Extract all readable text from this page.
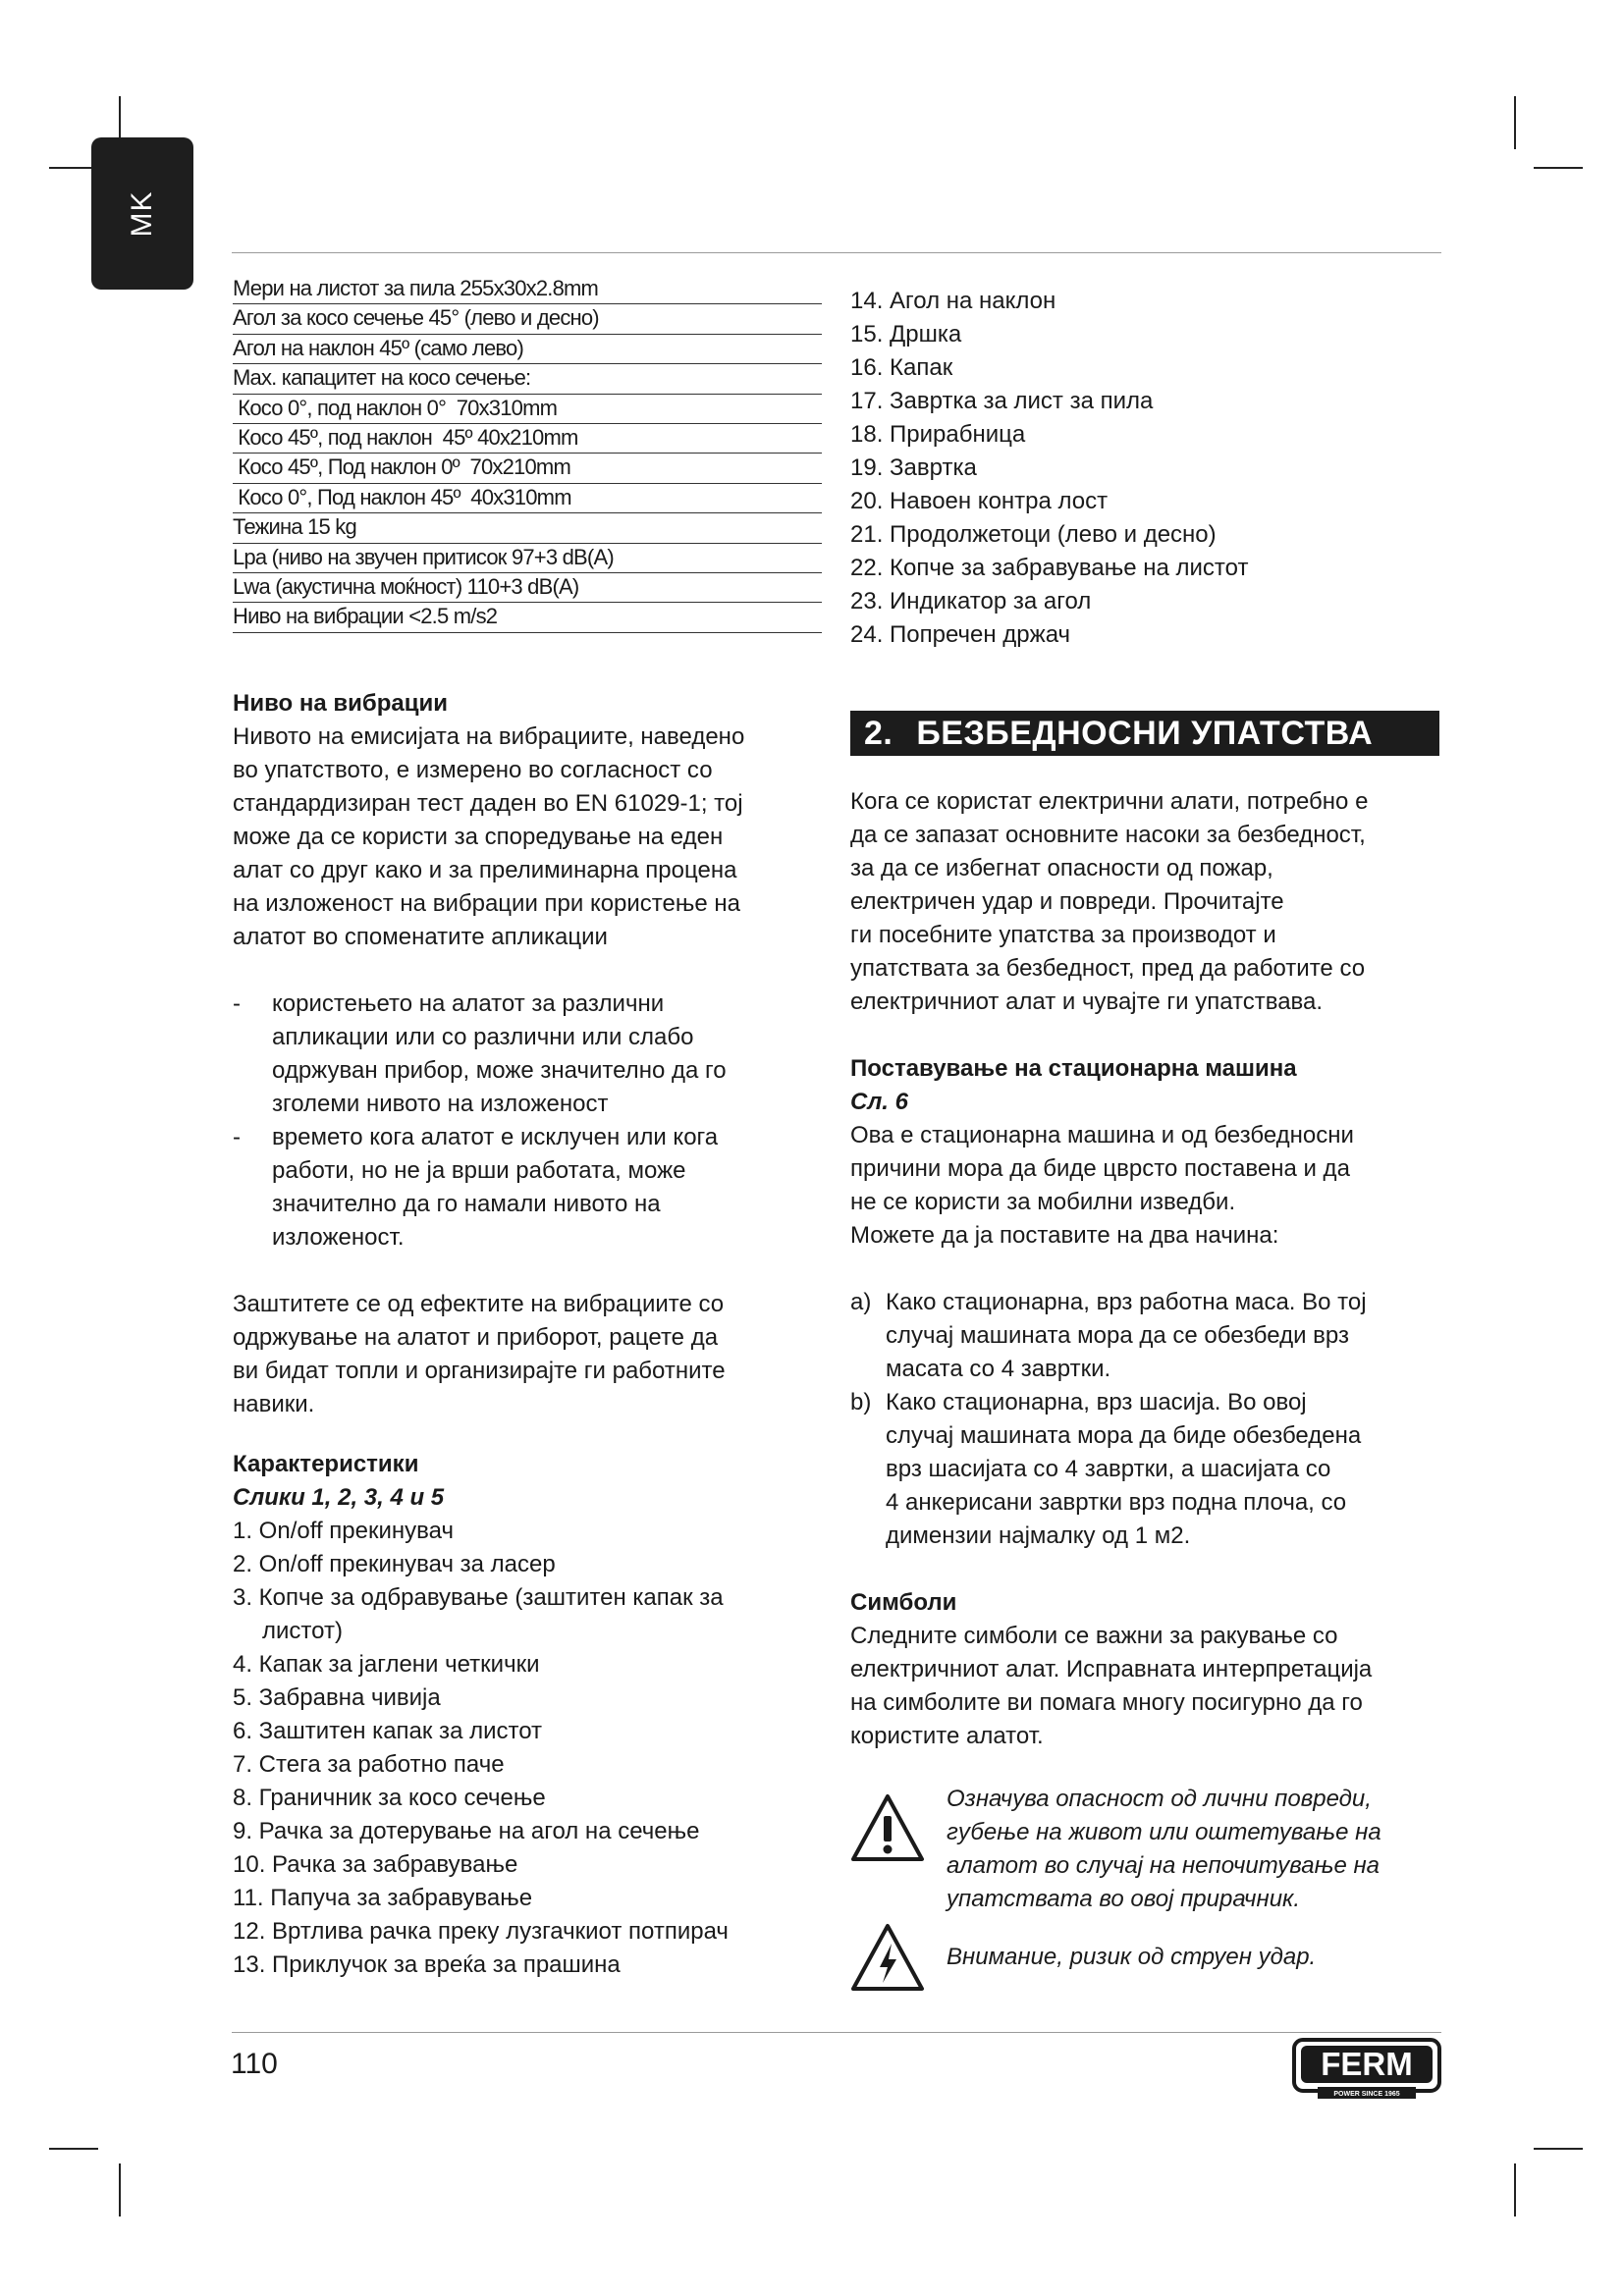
MK
Мери на листот за пила 255x30x2.8mm
Агол за косо сечење 45° (лево и десно)
Агол на наклон 45º (само лево)
Max. капацитет на косо сечење:
Косо 0°, под наклон 0°  70x310mm
Косо 45º, под наклон  45º 40x210mm
Косо 45º, Под наклон 0º  70x210mm
Косо 0°, Под наклон 45º  40x310mm
Тежина 15 kg
Lpa (ниво на звучен притисок 97+3 dB(A)
Lwa (акустична моќност) 110+3 dB(A)
Ниво на вибрации <2.5 m/s2

Ниво на вибрации

Нивото на емисијата на вибрациите, наведено

во упатството, е измерено во согласност со

стандардизиран тест даден во EN 61029-1; тој

може да се користи за споредување на еден

алат со друг како и за прелиминарна процена

на изложеност на вибрации при користење на

алатот во споменатите апликации

-	користењето на алатот за различни

апликации или со различни или слабо

одржуван прибор, може значително да го

зголеми нивото на изложеност

-	времето кога алатот е исклучен или кога

работи, но не ја врши работата, може

значително да го намали нивото на

изложеност.

Заштитете се од ефектите на вибрациите со

одржување на алатот и приборот, рацете да

ви бидат топли и организирајте ги работните

навики.

Карактеристики

Слики 1, 2, 3, 4 и 5

1. On/off прекинувач

2. On/off прекинувач за ласер

3. Копче за одбравување (заштитен капак за

листот)

4. Капак за јаглени четкички

5. Забравна чивија

6. Заштитен капак за листот

7. Стега за работно паче

8. Граничник за косо сечење

9. Рачка за дотерување на агол на сечење

10. Рачка за забравување

11. Папуча за забравување

12. Вртлива рачка преку лузгачкиот потпирач

13. Приклучок за вреќа за прашина

14. Агол на наклон

15. Дршка

16. Капак

17. Завртка за лист за пила

18. Прирабница

19. Завртка

20. Навоен контра лост

21. Продолжетоци (лево и десно)

22. Копче за забравување на листот

23. Индикатор за агол

24. Попречен држач

2. БЕЗБЕДНОСНИ УПАТСТВА

Кога се користат електрични алати, потребно е

да се запазат основните насоки за безбедност,

за да се избегнат опасности од пожар,

електричен удар и повреди. Прочитајте

ги посебните упатства за производот и

упатствата за безбедност, пред да работите со

електричниот алат и чувајте ги упатствава.

Поставување на стационарна машина

Сл. 6

Ова е стационарна машина и од безбедносни

причини мора да биде цврсто поставена и да

не се користи за мобилни изведби.

Можете да ја поставите на два начина:

a) Како стационарна, врз работна маса. Во тој

случај машината мора да се обезбеди врз

масата со 4 завртки.

b) Како стационарна, врз шасија. Во овој

случај машината мора да биде обезбедена

врз шасијата со 4 завртки, а шасијата со

4 анкерисани завртки врз подна плоча, со

димензии најмалку од 1 м2.

Симболи

Следните симболи се важни за ракување со

електричниот алат. Исправната интерпретација

на симболите ви помага многу посигурно да го

користите алатот.

Означува опасност од лични повреди,

губење на живот или оштетување на

алатот во случај на непочитување на

упатствата во овој прирачник.

Внимание, ризик од струен удар.

110	FERM
POWER SINCE 1965
